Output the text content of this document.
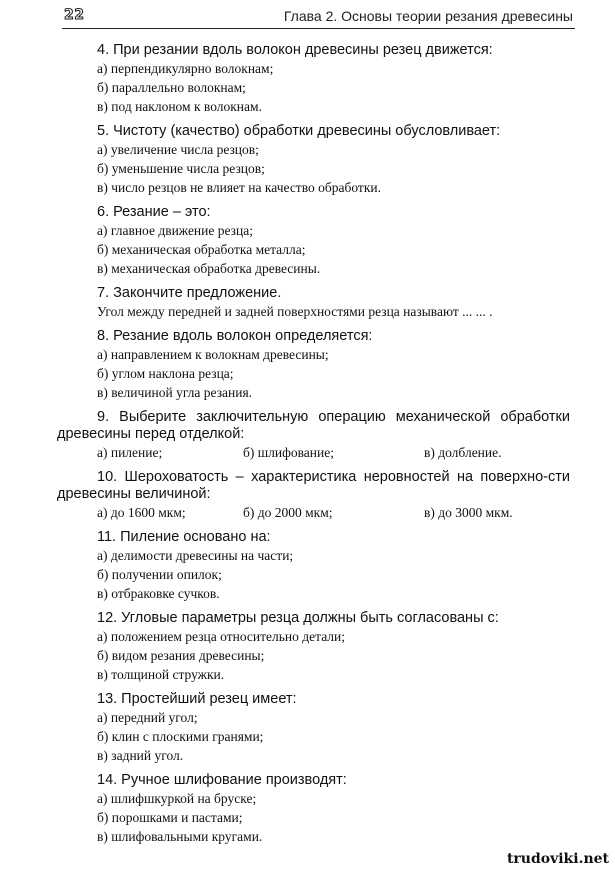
22	Глава 2. Основы теории резания древесины

4. При резании вдоль волокон древесины резец движется:

а) перпендикулярно волокнам;

б) параллельно волокнам;

в) под наклоном к волокнам.

5. Чистоту (качество) обработки древесины обусловливает:

а) увеличение числа резцов;

б) уменьшение числа резцов;

в) число резцов не влияет на качество обработки.

6. Резание – это:

а) главное движение резца;

б) механическая обработка металла;

в) механическая обработка древесины.

7. Закончите предложение.

Угол между передней и задней поверхностями резца называют ... ... .

8. Резание вдоль волокон определяется:

а) направлением к волокнам древесины;

б) углом наклона резца;

в) величиной угла резания.

9. Выберите заключительную операцию механической обработки древесины перед отделкой:

а) пиление;	б) шлифование;	в) долбление.

10. Шероховатость – характеристика неровностей на поверхно-сти древесины величиной:

а) до 1600 мкм;	б) до 2000 мкм;	в) до 3000 мкм.

11. Пиление основано на:

а) делимости древесины на части;

б) получении опилок;

в) отбраковке сучков.

12. Угловые параметры резца должны быть согласованы с:

а) положением резца относительно детали;

б) видом резания древесины;

в) толщиной стружки.

13. Простейший резец имеет:

а) передний угол;

б) клин с плоскими гранями;

в) задний угол.

14. Ручное шлифование производят:

а) шлифшкуркой на бруске;

б) порошками и пастами;

в) шлифовальными кругами.

trudoviki.net
